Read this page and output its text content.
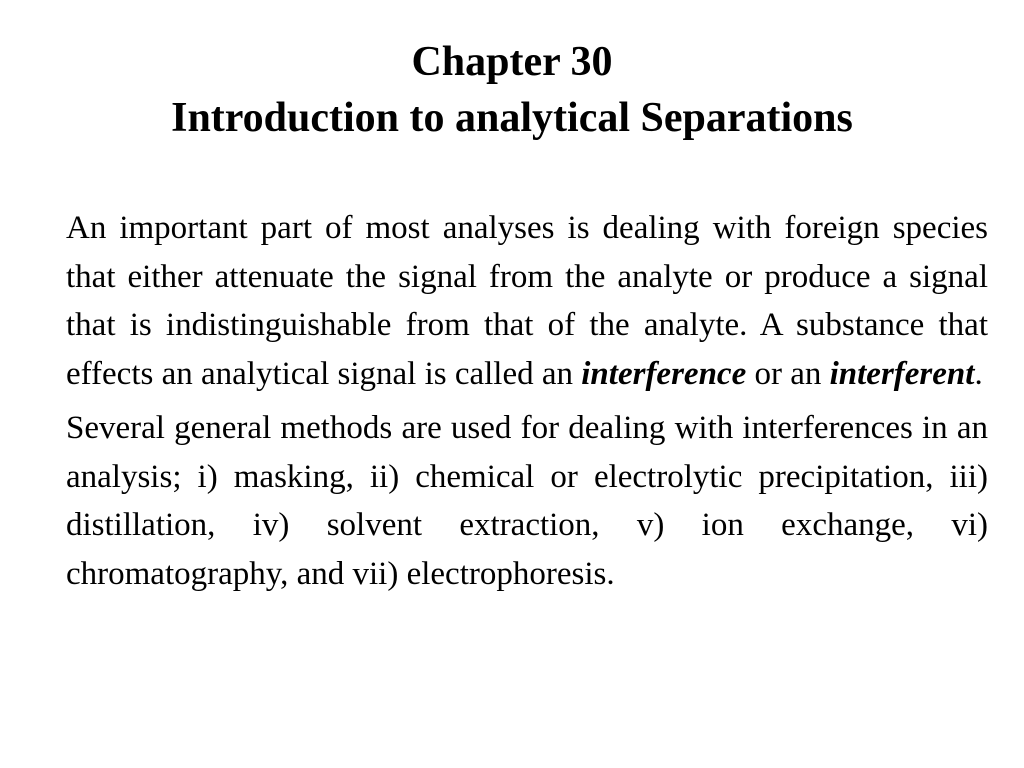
Chapter 30
Introduction to analytical Separations

An important part of most analyses is dealing with foreign species that either attenuate the signal from the analyte or produce a signal that is indistinguishable from that of the analyte. A substance that effects an analytical signal is called an interference or an interferent.

Several general methods are used for dealing with interferences in an analysis; i) masking, ii) chemical or electrolytic precipitation, iii) distillation, iv) solvent extraction, v) ion exchange, vi) chromatography, and vii) electrophoresis.
